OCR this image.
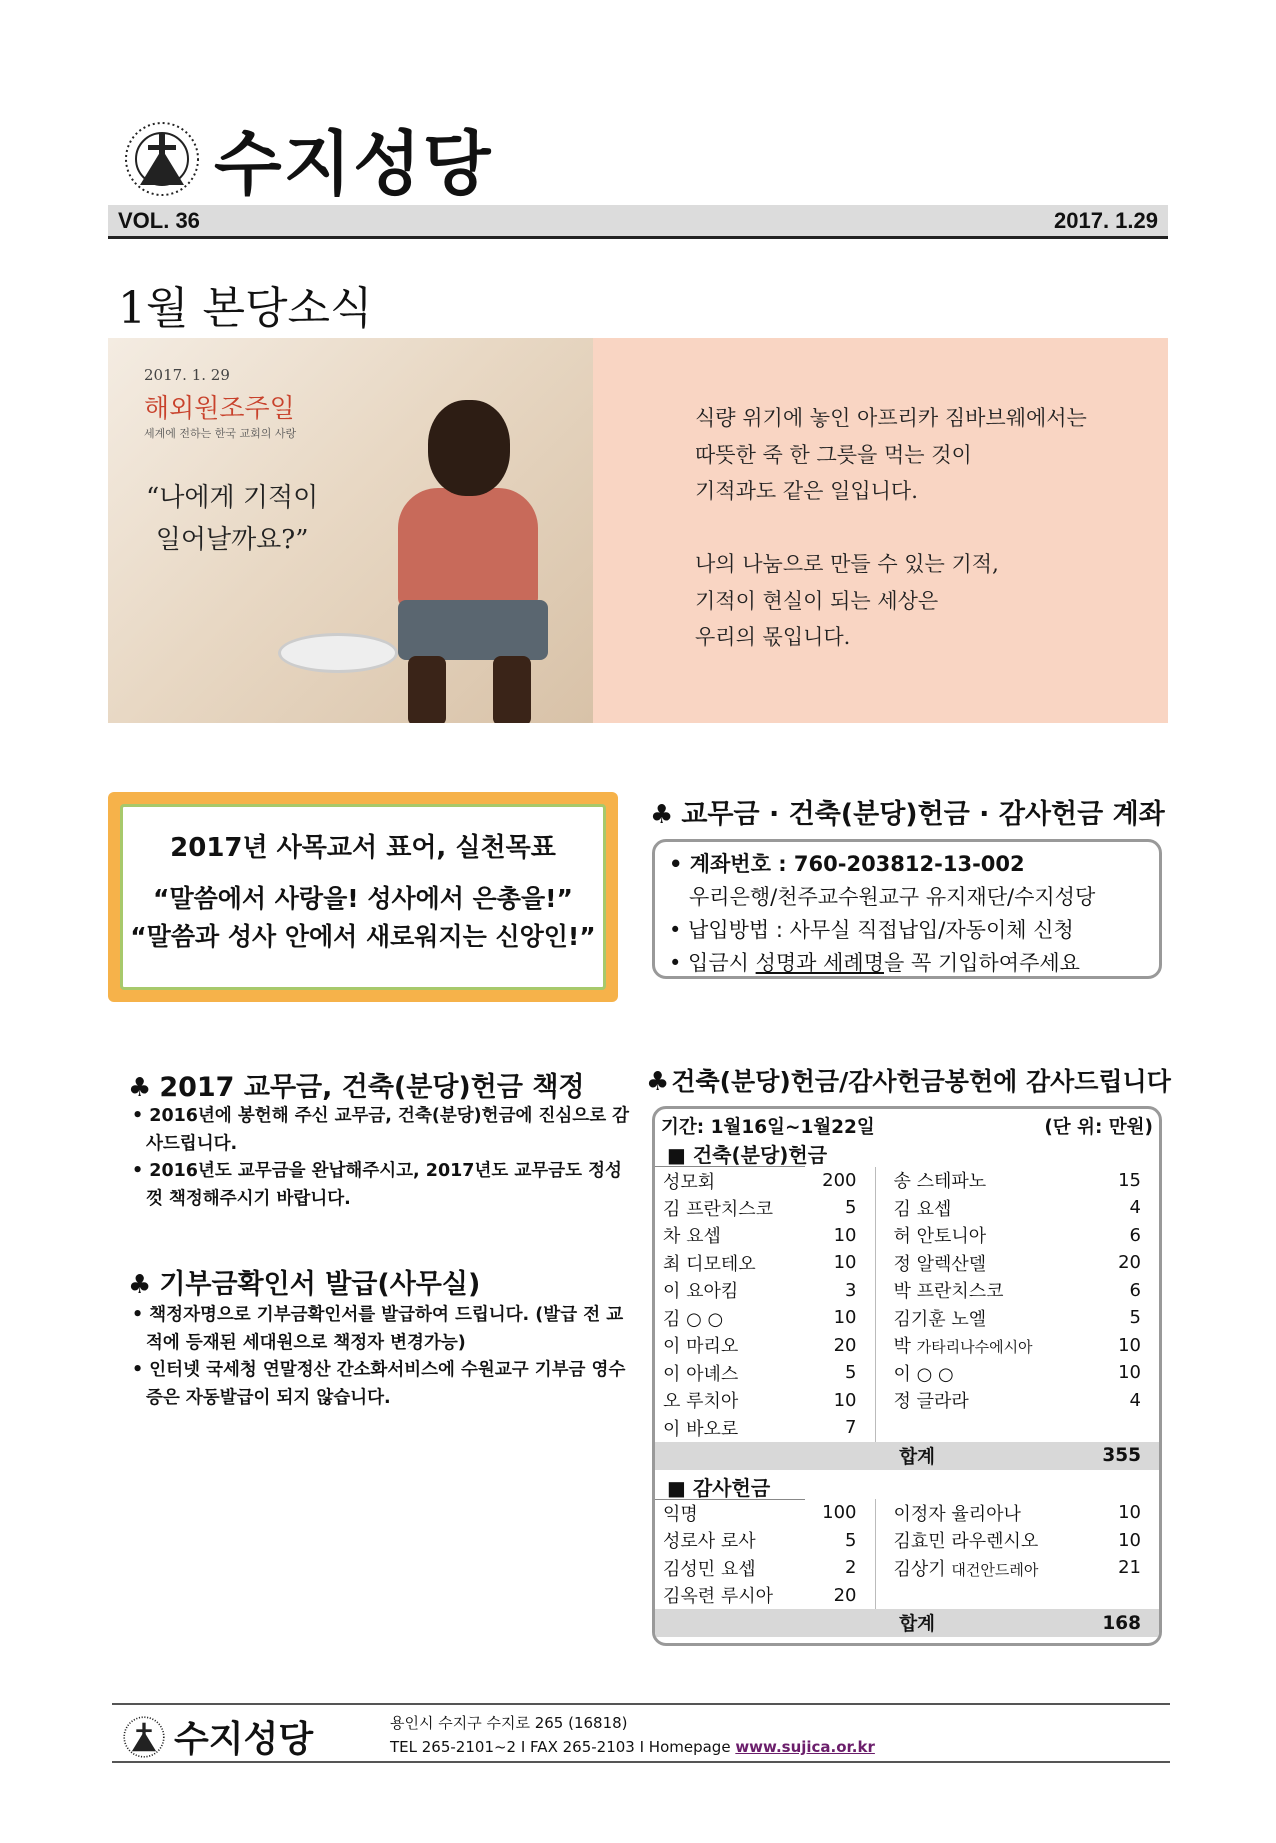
수지성당
VOL. 36	2017. 1.29
1월 본당소식
2017. 1. 29
해외원조주일
세계에 전하는 한국 교회의 사랑
“나에게 기적이
일어날까요?”
식량 위기에 놓인 아프리카 짐바브웨에서는
따뜻한 죽 한 그릇을 먹는 것이
기적과도 같은 일입니다.

나의 나눔으로 만들 수 있는 기적,
기적이 현실이 되는 세상은
우리의 몫입니다.
2017년 사목교서 표어, 실천목표
“말씀에서 사랑을! 성사에서 은총을!”
“말씀과 성사 안에서 새로워지는 신앙인!”
♣ 교무금 · 건축(분당)헌금 · 감사헌금 계좌
• 계좌번호 : 760-203812-13-002
우리은행/천주교수원교구 유지재단/수지성당
• 납입방법 : 사무실 직접납입/자동이체 신청
• 입금시 성명과 세례명을 꼭 기입하여주세요
♣ 2017 교무금, 건축(분당)헌금 책정
• 2016년에 봉헌해 주신 교무금, 건축(분당)헌금에 진심으로 감사드립니다.
• 2016년도 교무금을 완납해주시고, 2017년도 교무금도 정성껏 책정해주시기 바랍니다.
♣ 기부금확인서 발급(사무실)
• 책정자명으로 기부금확인서를 발급하여 드립니다. (발급 전 교적에 등재된 세대원으로 책정자 변경가능)
• 인터넷 국세청 연말정산 간소화서비스에 수원교구 기부금 영수증은 자동발급이 되지 않습니다.
♣건축(분당)헌금/감사헌금봉헌에 감사드립니다
기간: 1월16일~1월22일	(단 위: 만원)
■ 건축(분당)헌금
성모회	200	송 스테파노	15
김 프란치스코	5	김 요셉	4
차 요셉	10	허 안토니아	6
최 디모테오	10	정 알렉산델	20
이 요아킴	3	박 프란치스코	6
김 ○ ○	10	김기훈 노엘	5
이 마리오	20	박 가타리나수에시아	10
이 아녜스	5	이 ○ ○	10
오 루치아	10	정 글라라	4
이 바오로	7		
합계	355
■ 감사헌금
익명	100	이정자 율리아나	10
성로사 로사	5	김효민 라우렌시오	10
김성민 요셉	2	김상기 대건안드레아	21
김옥련 루시아	20		
합계	168
수지성당	용인시 수지구 수지로 265 (16818)
TEL 265-2101~2 I FAX 265-2103 I Homepage www.sujica.or.kr
